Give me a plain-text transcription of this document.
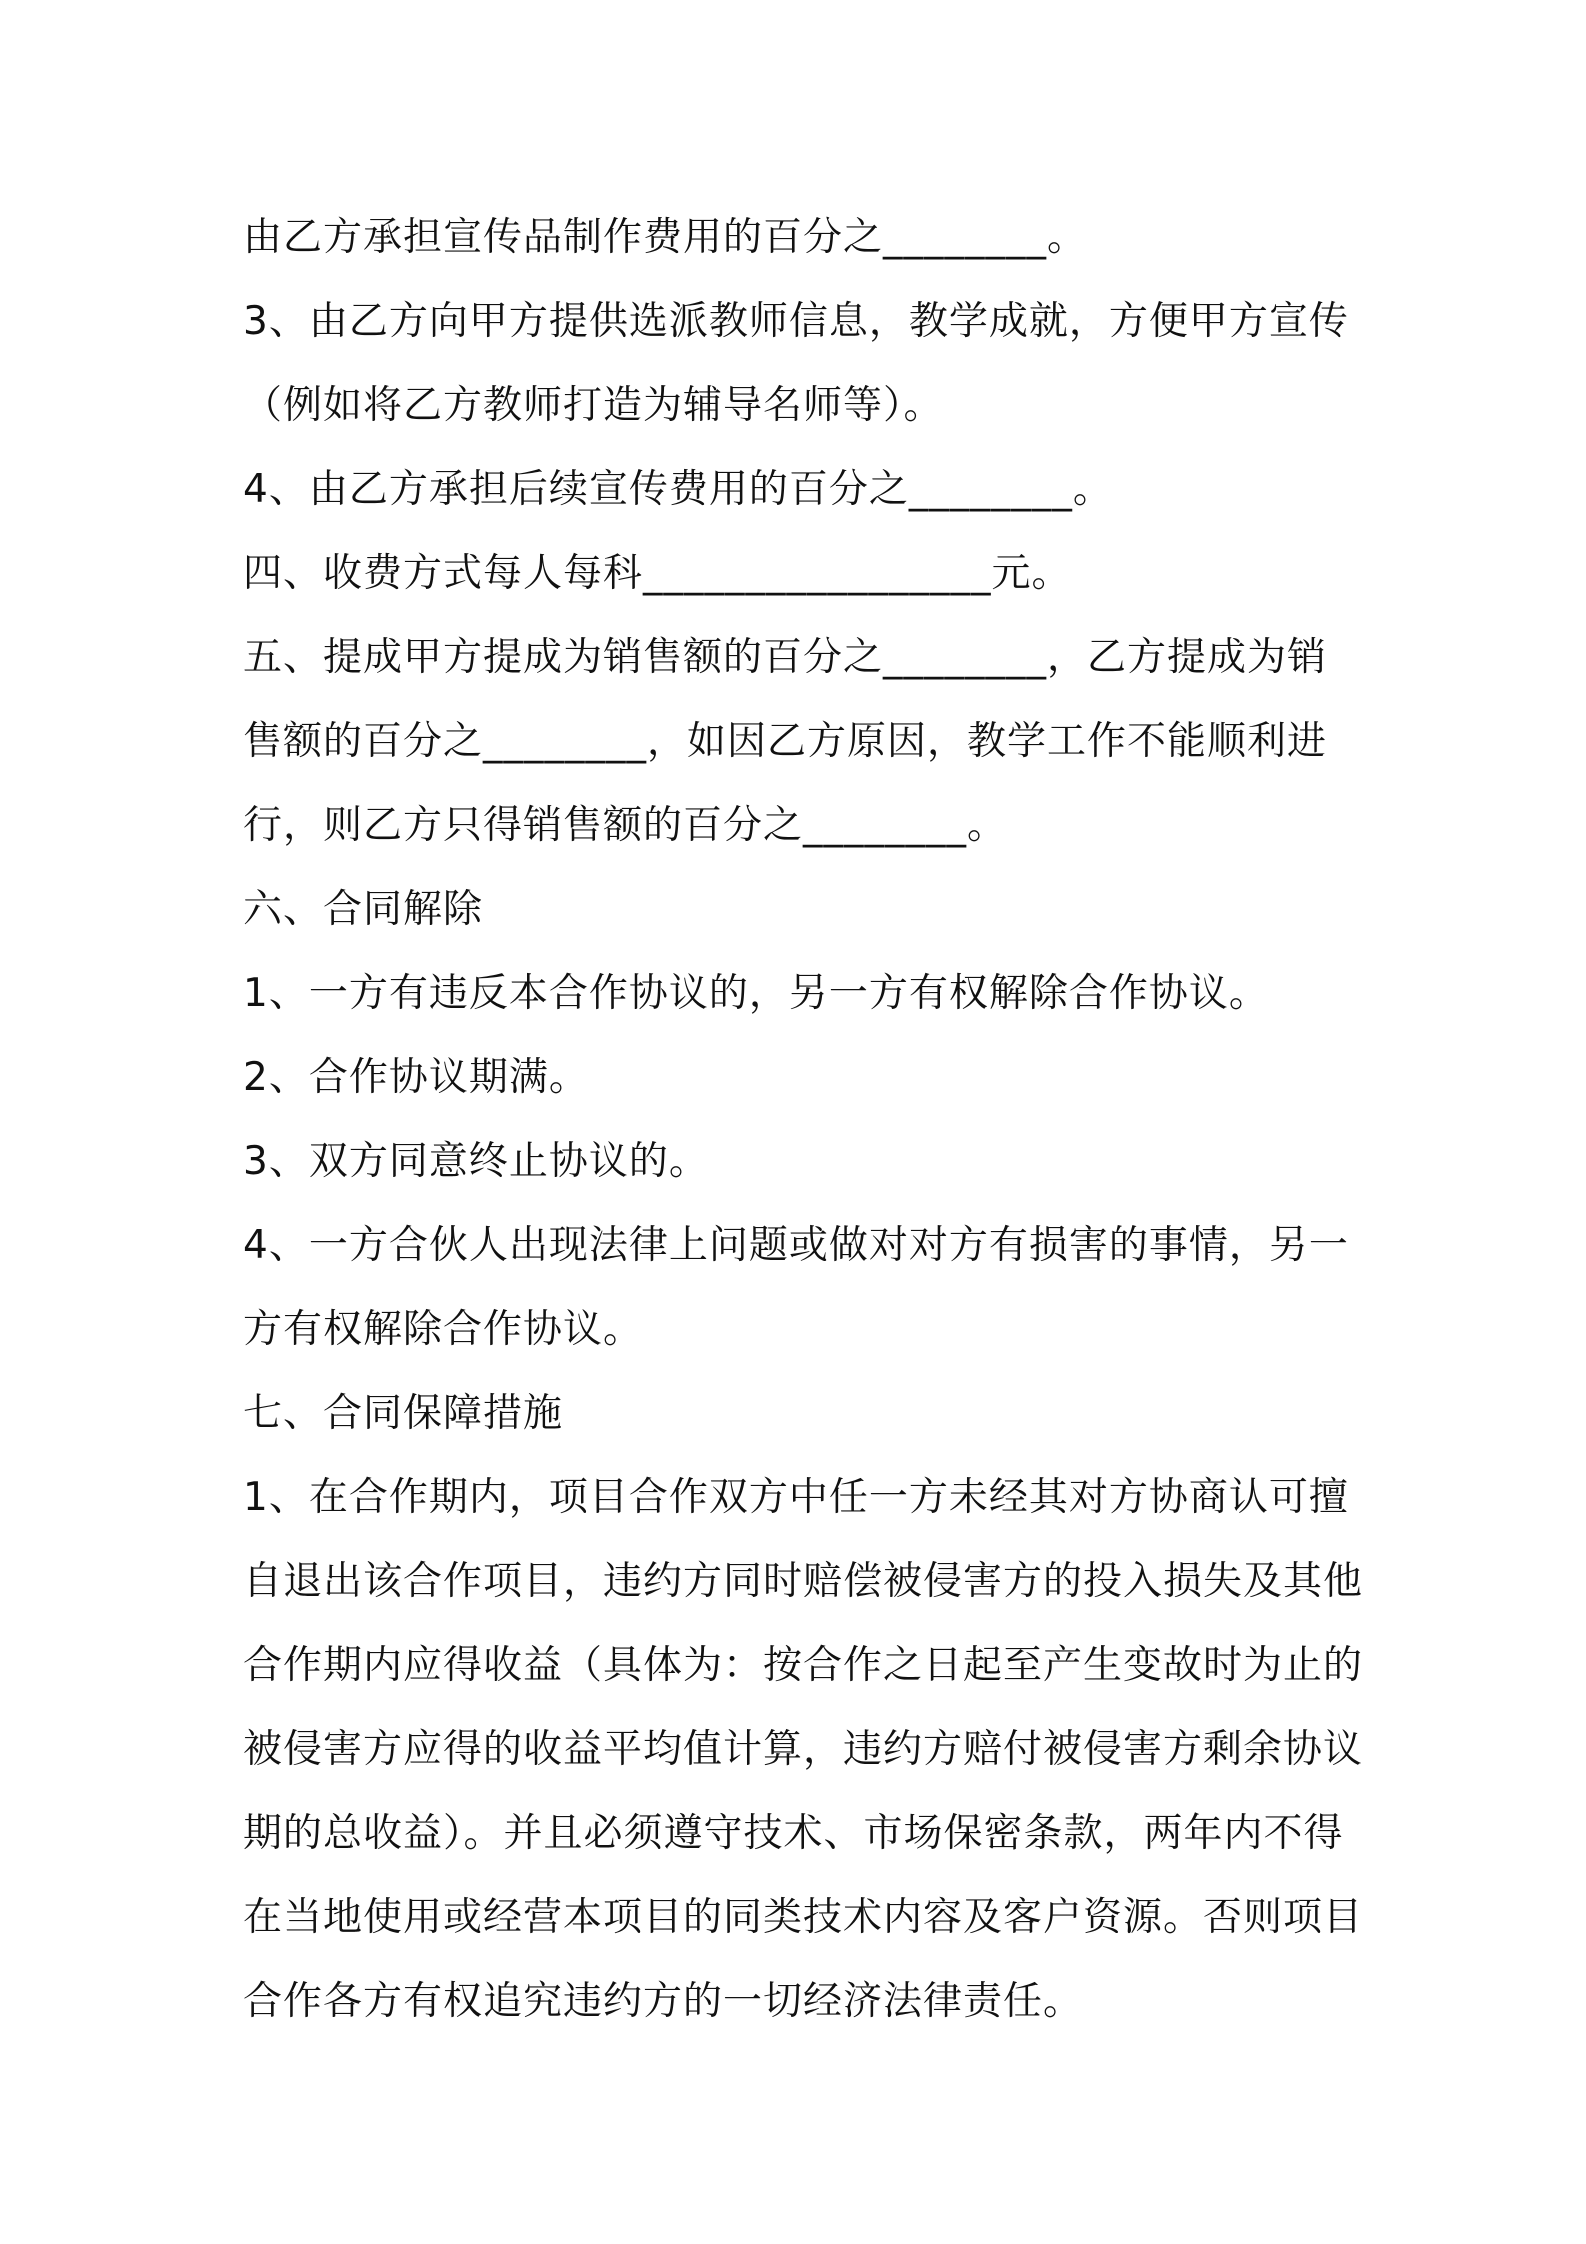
由乙方承担宣传品制作费用的百分之________。
3、由乙方向甲方提供选派教师信息，教学成就，方便甲方宣传
（例如将乙方教师打造为辅导名师等）。
4、由乙方承担后续宣传费用的百分之________。
四、收费方式每人每科_________________元。
五、提成甲方提成为销售额的百分之________，乙方提成为销
售额的百分之________，如因乙方原因，教学工作不能顺利进
行，则乙方只得销售额的百分之________。
六、合同解除
1、一方有违反本合作协议的，另一方有权解除合作协议。
2、合作协议期满。
3、双方同意终止协议的。
4、一方合伙人出现法律上问题或做对对方有损害的事情，另一
方有权解除合作协议。
七、合同保障措施
1、在合作期内，项目合作双方中任一方未经其对方协商认可擅
自退出该合作项目，违约方同时赔偿被侵害方的投入损失及其他
合作期内应得收益（具体为：按合作之日起至产生变故时为止的
被侵害方应得的收益平均值计算，违约方赔付被侵害方剩余协议
期的总收益）。并且必须遵守技术、市场保密条款，两年内不得
在当地使用或经营本项目的同类技术内容及客户资源。否则项目
合作各方有权追究违约方的一切经济法律责任。
